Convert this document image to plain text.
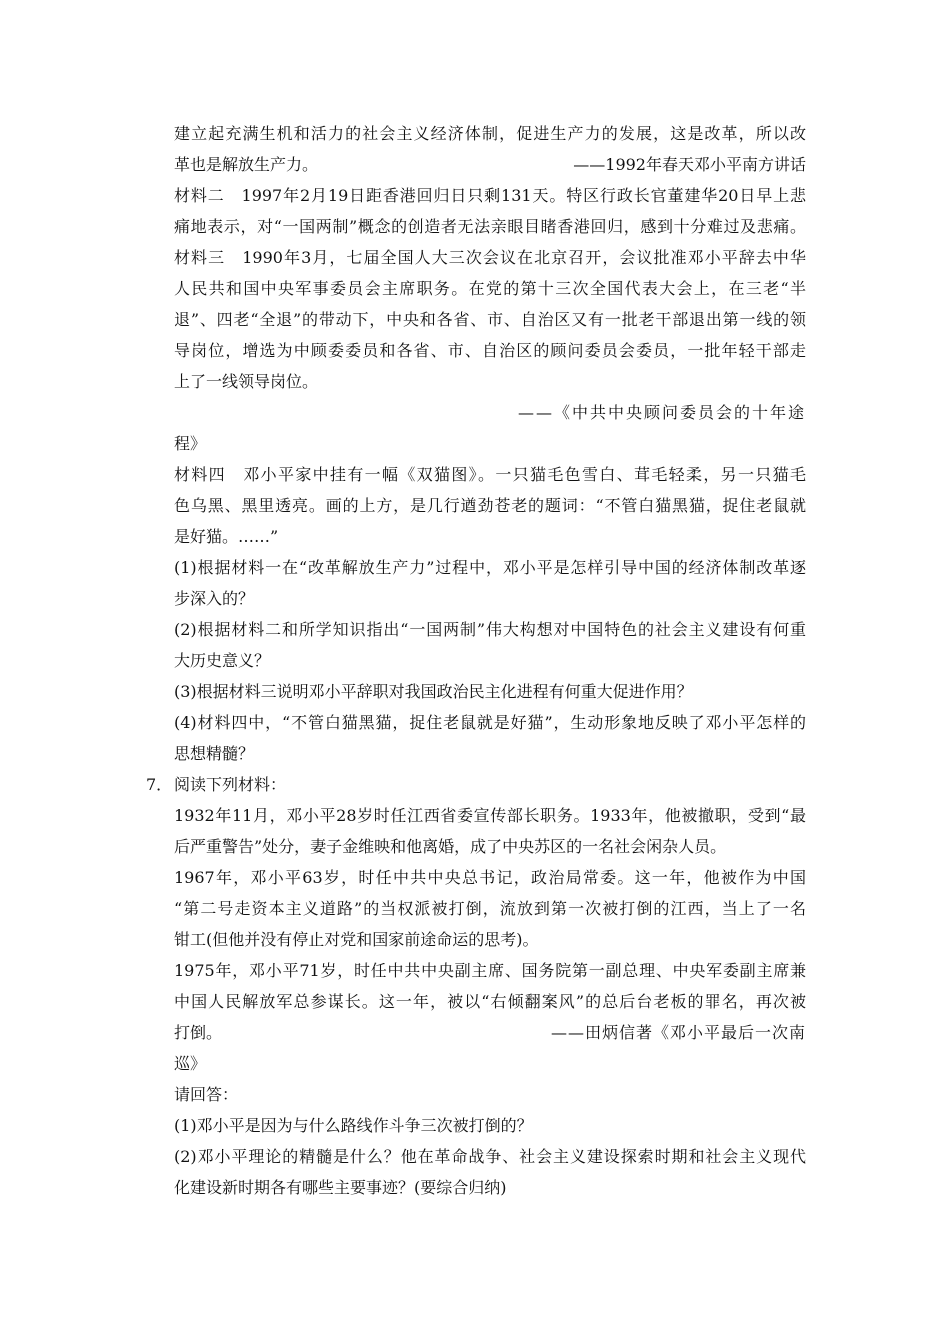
建立起充满生机和活力的社会主义经济体制，促进生产力的发展，这是改革，所以改
革也是解放生产力。	——1992年春天邓小平南方讲话
材料二　1997年2月19日距香港回归日只剩131天。特区行政长官董建华20日早上悲
痛地表示，对“一国两制”概念的创造者无法亲眼目睹香港回归，感到十分难过及悲痛。
材料三　1990年3月，七届全国人大三次会议在北京召开，会议批准邓小平辞去中华
人民共和国中央军事委员会主席职务。在党的第十三次全国代表大会上，在三老“半
退”、四老“全退”的带动下，中央和各省、市、自治区又有一批老干部退出第一线的领
导岗位，增选为中顾委委员和各省、市、自治区的顾问委员会委员，一批年轻干部走
上了一线领导岗位。
——《中共中央顾问委员会的十年途
程》
材料四　邓小平家中挂有一幅《双猫图》。一只猫毛色雪白、茸毛轻柔，另一只猫毛
色乌黑、黑里透亮。画的上方，是几行遒劲苍老的题词：“不管白猫黑猫，捉住老鼠就
是好猫。……”
(1)根据材料一在“改革解放生产力”过程中，邓小平是怎样引导中国的经济体制改革逐
步深入的？
(2)根据材料二和所学知识指出“一国两制”伟大构想对中国特色的社会主义建设有何重
大历史意义？
(3)根据材料三说明邓小平辞职对我国政治民主化进程有何重大促进作用？
(4)材料四中，“不管白猫黑猫，捉住老鼠就是好猫”，生动形象地反映了邓小平怎样的
思想精髓？
7． 阅读下列材料：
1932年11月，邓小平28岁时任江西省委宣传部长职务。1933年，他被撤职，受到“最
后严重警告”处分，妻子金维映和他离婚，成了中央苏区的一名社会闲杂人员。
1967年，邓小平63岁，时任中共中央总书记，政治局常委。这一年，他被作为中国
“第二号走资本主义道路”的当权派被打倒，流放到第一次被打倒的江西，当上了一名
钳工(但他并没有停止对党和国家前途命运的思考)。
1975年，邓小平71岁，时任中共中央副主席、国务院第一副总理、中央军委副主席兼
中国人民解放军总参谋长。这一年，被以“右倾翻案风”的总后台老板的罪名，再次被
打倒。	——田炳信著《邓小平最后一次南
巡》
请回答：
(1)邓小平是因为与什么路线作斗争三次被打倒的？
(2)邓小平理论的精髓是什么？他在革命战争、社会主义建设探索时期和社会主义现代
化建设新时期各有哪些主要事迹？(要综合归纳)
